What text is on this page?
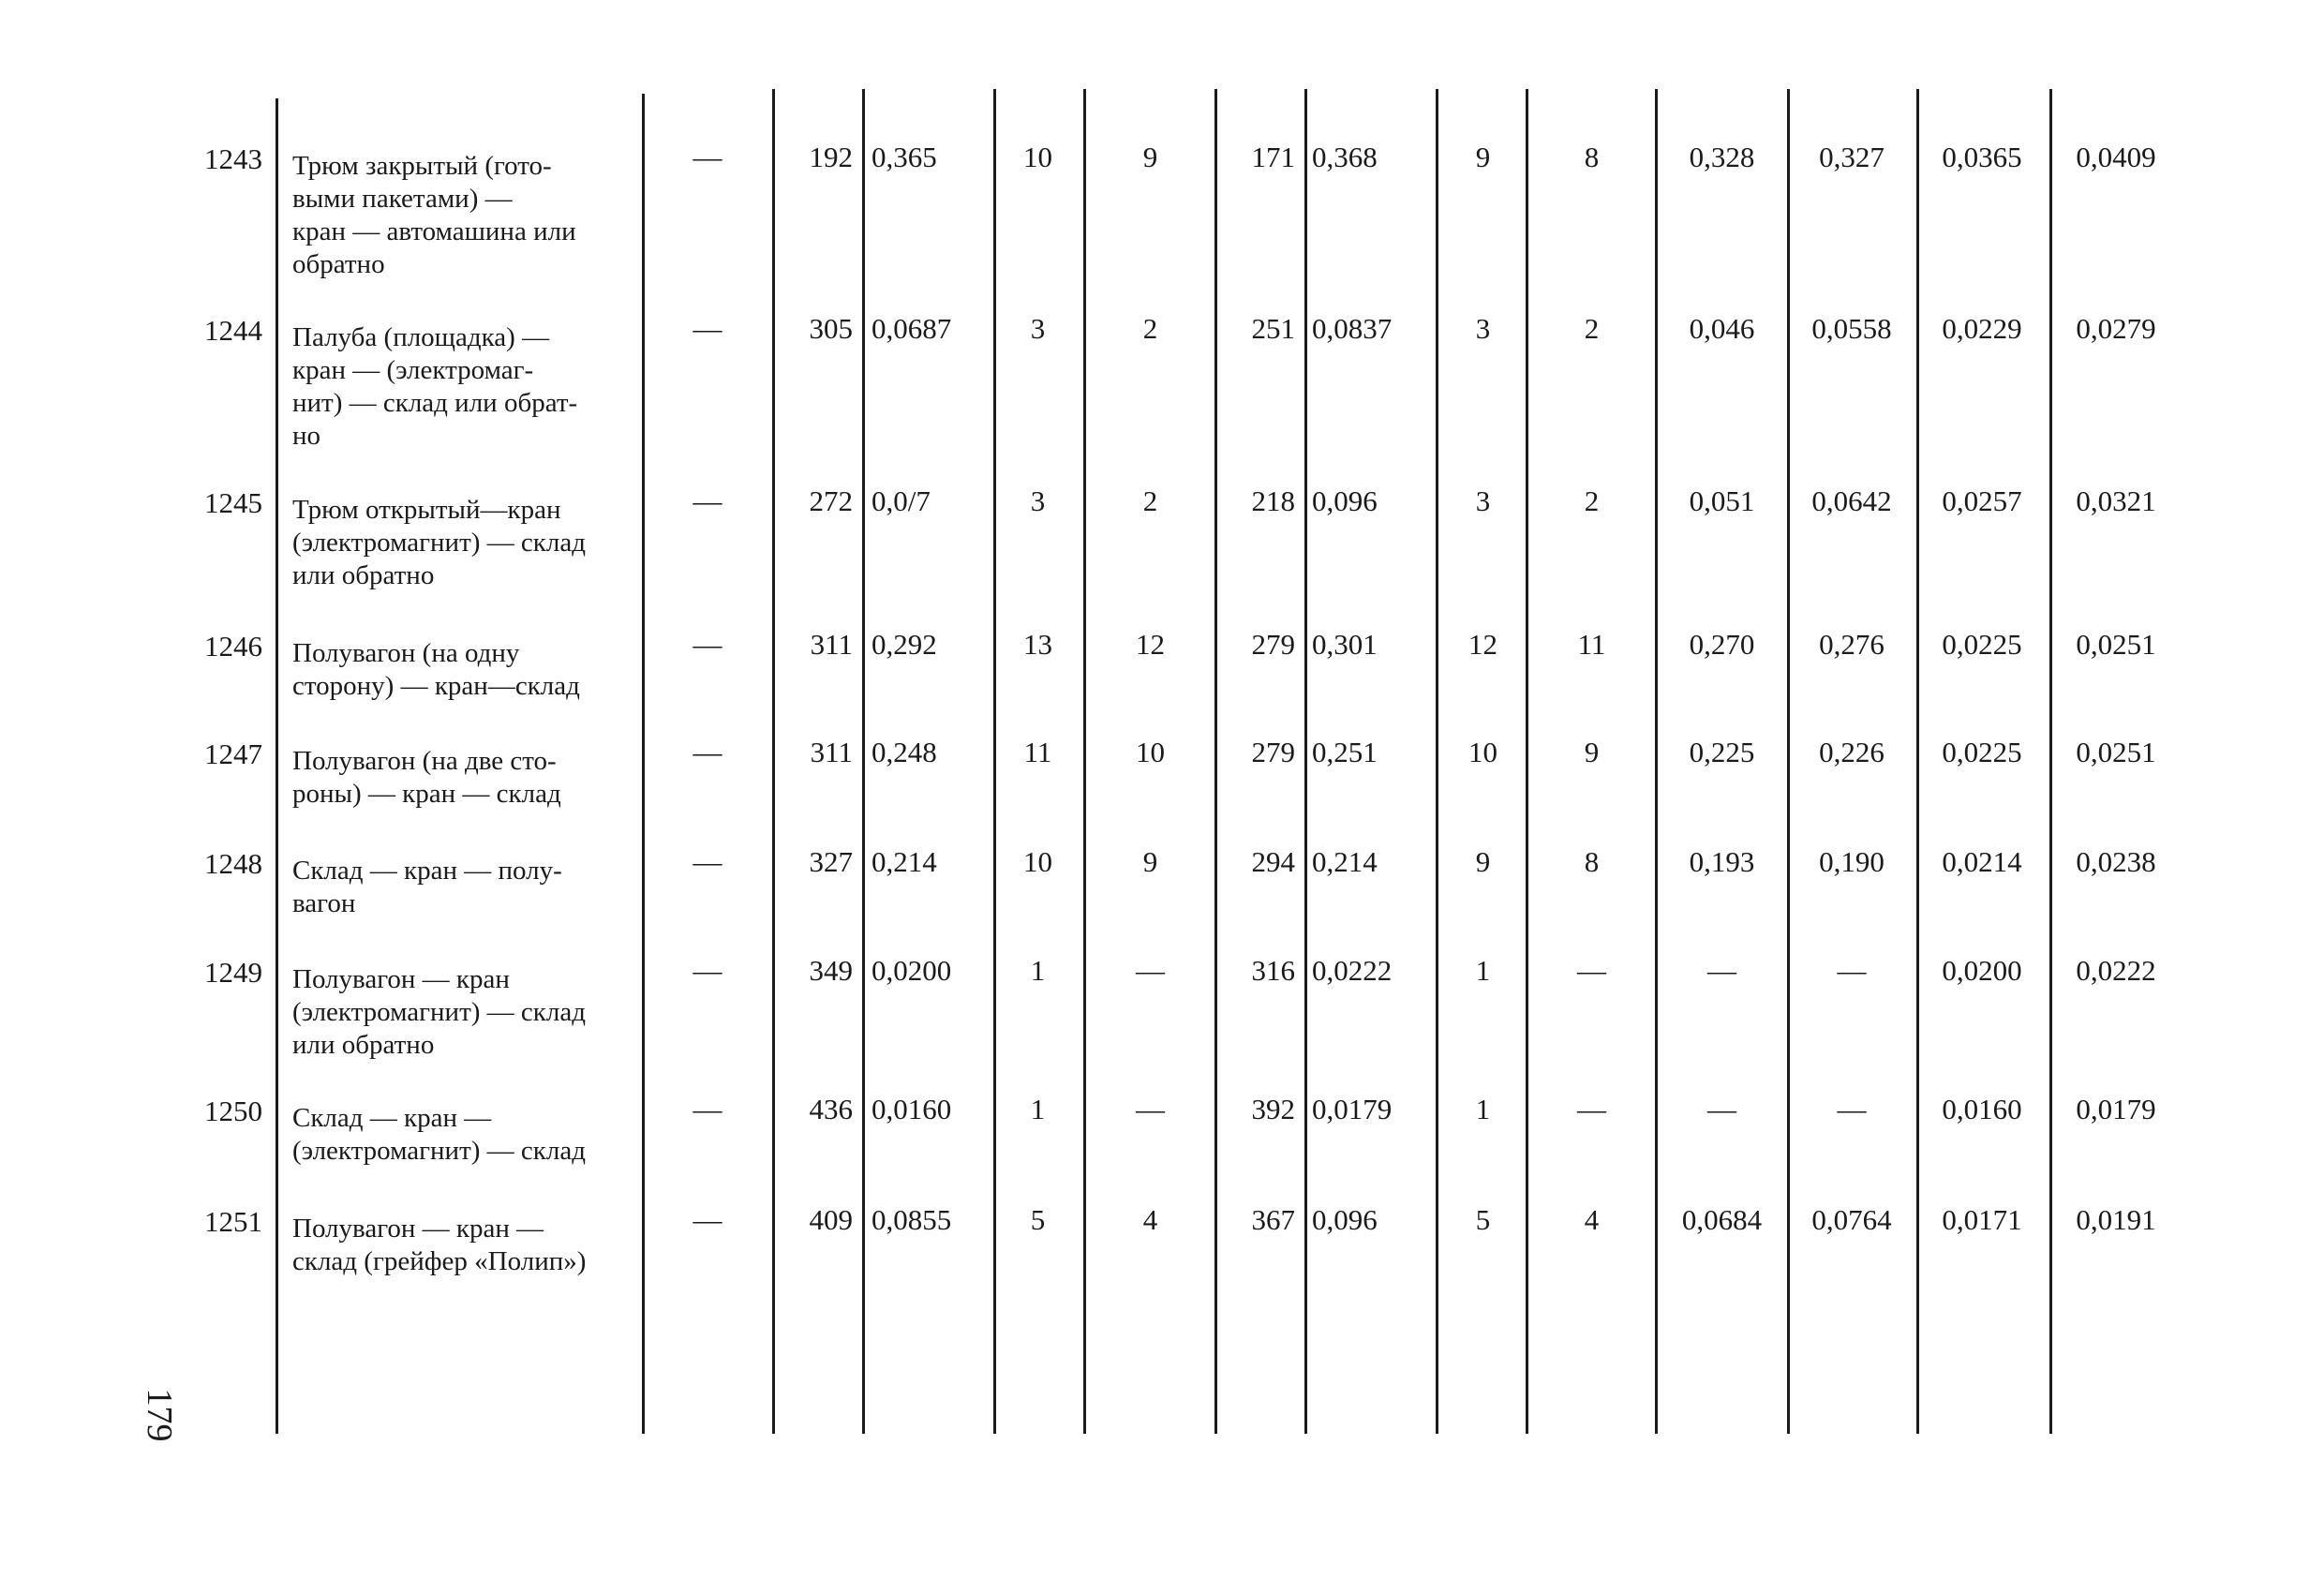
1243 Трюм закрытый (гото-
выми пакетами) —
кран — автомашина или
обратно
—	192 0,365	10	9	171 0,368	9	8	0,328	0,327	0,0365	0,0409
1244 Палуба (площадка) —
кран — (электромаг-
нит) — склад или обрат-
но
—	305 0,0687	3	2	251 0,0837	3	2	0,046	0,0558	0,0229	0,0279
1245 Трюм открытый—кран
(электромагнит) — склад
или обратно
—	272 0,0/7	3	2	218 0,096	3	2	0,051	0,0642	0,0257	0,0321
1246 Полувагон (на одну
сторону) — кран—склад
—	311 0,292	13	12	279 0,301	12	11	0,270	0,276	0,0225	0,0251
1247 Полувагон (на две сто-
роны) — кран — склад
—	311 0,248	11	10	279 0,251	10	9	0,225	0,226	0,0225	0,0251
1248 Склад — кран — полу-
вагон
—	327 0,214	10	9	294 0,214	9	8	0,193	0,190	0,0214	0,0238
1249 Полувагон — кран
(электромагнит) — склад
или обратно
—	349 0,0200	1	—	316 0,0222	1	—	—	—	0,0200	0,0222
1250 Склад — кран —
(электромагнит) — склад
—	436 0,0160	1	—	392 0,0179	1	—	—	—	0,0160	0,0179
1251 Полувагон — кран —
склад (грейфер «Полип»)
—	409 0,0855	5	4	367 0,096	5	4	0,0684	0,0764	0,0171	0,0191
179
